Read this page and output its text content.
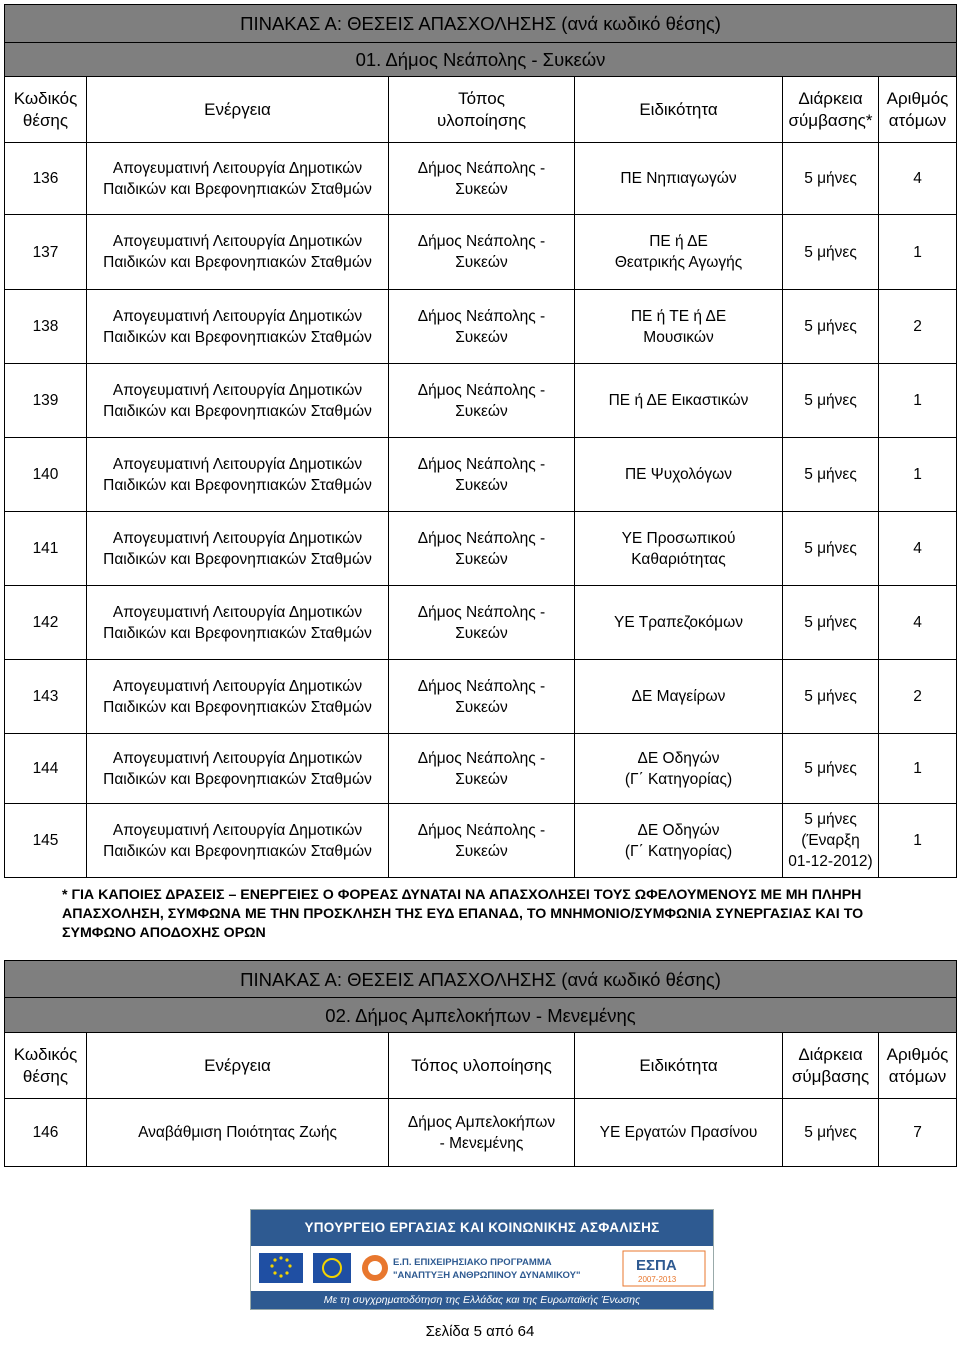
ΠΙΝΑΚΑΣ Α: ΘΕΣΕΙΣ ΑΠΑΣΧΟΛΗΣΗΣ (ανά κωδικό θέσης)					
01. Δήμος Νεάπολης - Συκεών					
Κωδικός
θέσης	Ενέργεια	Τόπος
υλοποίησης	Ειδικότητα	Διάρκεια
σύμβασης*	Αριθμός
ατόμων
136	Απογευματινή Λειτουργία Δημοτικών
Παιδικών και Βρεφονηπιακών Σταθμών	Δήμος Νεάπολης -
Συκεών	ΠΕ Νηπιαγωγών	5 μήνες	4
137	Απογευματινή Λειτουργία Δημοτικών
Παιδικών και Βρεφονηπιακών Σταθμών	Δήμος Νεάπολης -
Συκεών	ΠΕ ή ΔΕ
Θεατρικής Αγωγής	5 μήνες	1
138	Απογευματινή Λειτουργία Δημοτικών
Παιδικών και Βρεφονηπιακών Σταθμών	Δήμος Νεάπολης -
Συκεών	ΠΕ ή ΤΕ ή ΔΕ
Μουσικών	5 μήνες	2
139	Απογευματινή Λειτουργία Δημοτικών
Παιδικών και Βρεφονηπιακών Σταθμών	Δήμος Νεάπολης -
Συκεών	ΠΕ ή ΔΕ Εικαστικών	5 μήνες	1
140	Απογευματινή Λειτουργία Δημοτικών
Παιδικών και Βρεφονηπιακών Σταθμών	Δήμος Νεάπολης -
Συκεών	ΠΕ Ψυχολόγων	5 μήνες	1
141	Απογευματινή Λειτουργία Δημοτικών
Παιδικών και Βρεφονηπιακών Σταθμών	Δήμος Νεάπολης -
Συκεών	ΥΕ Προσωπικού
Καθαριότητας	5 μήνες	4
142	Απογευματινή Λειτουργία Δημοτικών
Παιδικών και Βρεφονηπιακών Σταθμών	Δήμος Νεάπολης -
Συκεών	ΥΕ Τραπεζοκόμων	5 μήνες	4
143	Απογευματινή Λειτουργία Δημοτικών
Παιδικών και Βρεφονηπιακών Σταθμών	Δήμος Νεάπολης -
Συκεών	ΔΕ Μαγείρων	5 μήνες	2
144	Απογευματινή Λειτουργία Δημοτικών
Παιδικών και Βρεφονηπιακών Σταθμών	Δήμος Νεάπολης -
Συκεών	ΔΕ Οδηγών
(Γ΄ Κατηγορίας)	5 μήνες	1
145	Απογευματινή Λειτουργία Δημοτικών
Παιδικών και Βρεφονηπιακών Σταθμών	Δήμος Νεάπολης -
Συκεών	ΔΕ Οδηγών
(Γ΄ Κατηγορίας)	5 μήνες
(Έναρξη
01-12-2012)	1
* ΓΙΑ ΚΑΠΟΙΕΣ ΔΡΑΣΕΙΣ – ΕΝΕΡΓΕΙΕΣ Ο ΦΟΡΕΑΣ ΔΥΝΑΤΑΙ ΝΑ ΑΠΑΣΧΟΛΗΣΕΙ ΤΟΥΣ ΩΦΕΛΟΥΜΕΝΟΥΣ ΜΕ ΜΗ ΠΛΗΡΗ ΑΠΑΣΧΟΛΗΣΗ, ΣΥΜΦΩΝΑ ΜΕ ΤΗΝ ΠΡΟΣΚΛΗΣΗ ΤΗΣ ΕΥΔ ΕΠΑΝΑΔ, ΤΟ ΜΝΗΜΟΝΙΟ/ΣΥΜΦΩΝΙΑ ΣΥΝΕΡΓΑΣΙΑΣ ΚΑΙ ΤΟ ΣΥΜΦΩΝΟ ΑΠΟΔΟΧΗΣ ΟΡΩΝ
ΠΙΝΑΚΑΣ Α: ΘΕΣΕΙΣ ΑΠΑΣΧΟΛΗΣΗΣ (ανά κωδικό θέσης)					
02. Δήμος Αμπελοκήπων - Μενεμένης					
Κωδικός
θέσης	Ενέργεια	Τόπος υλοποίησης	Ειδικότητα	Διάρκεια
σύμβασης	Αριθμός
ατόμων
146	Αναβάθμιση Ποιότητας Ζωής	Δήμος Αμπελοκήπων
- Μενεμένης	ΥΕ Εργατών Πρασίνου	5 μήνες	7
ΥΠΟΥΡΓΕΙΟ ΕΡΓΑΣΙΑΣ ΚΑΙ ΚΟΙΝΩΝΙΚΗΣ ΑΣΦΑΛΙΣΗΣ
Ε.Π. ΕΠΙΧΕΙΡΗΣΙΑΚΟ ΠΡΟΓΡΑΜΜΑ
"ΑΝΑΠΤΥΞΗ ΑΝΘΡΩΠΙΝΟΥ ΔΥΝΑΜΙΚΟΥ"
ΕΣΠΑ
2007-2013
Με τη συγχρηματοδότηση της Ελλάδας και της Ευρωπαϊκής Ένωσης
Σελίδα 5 από 64
